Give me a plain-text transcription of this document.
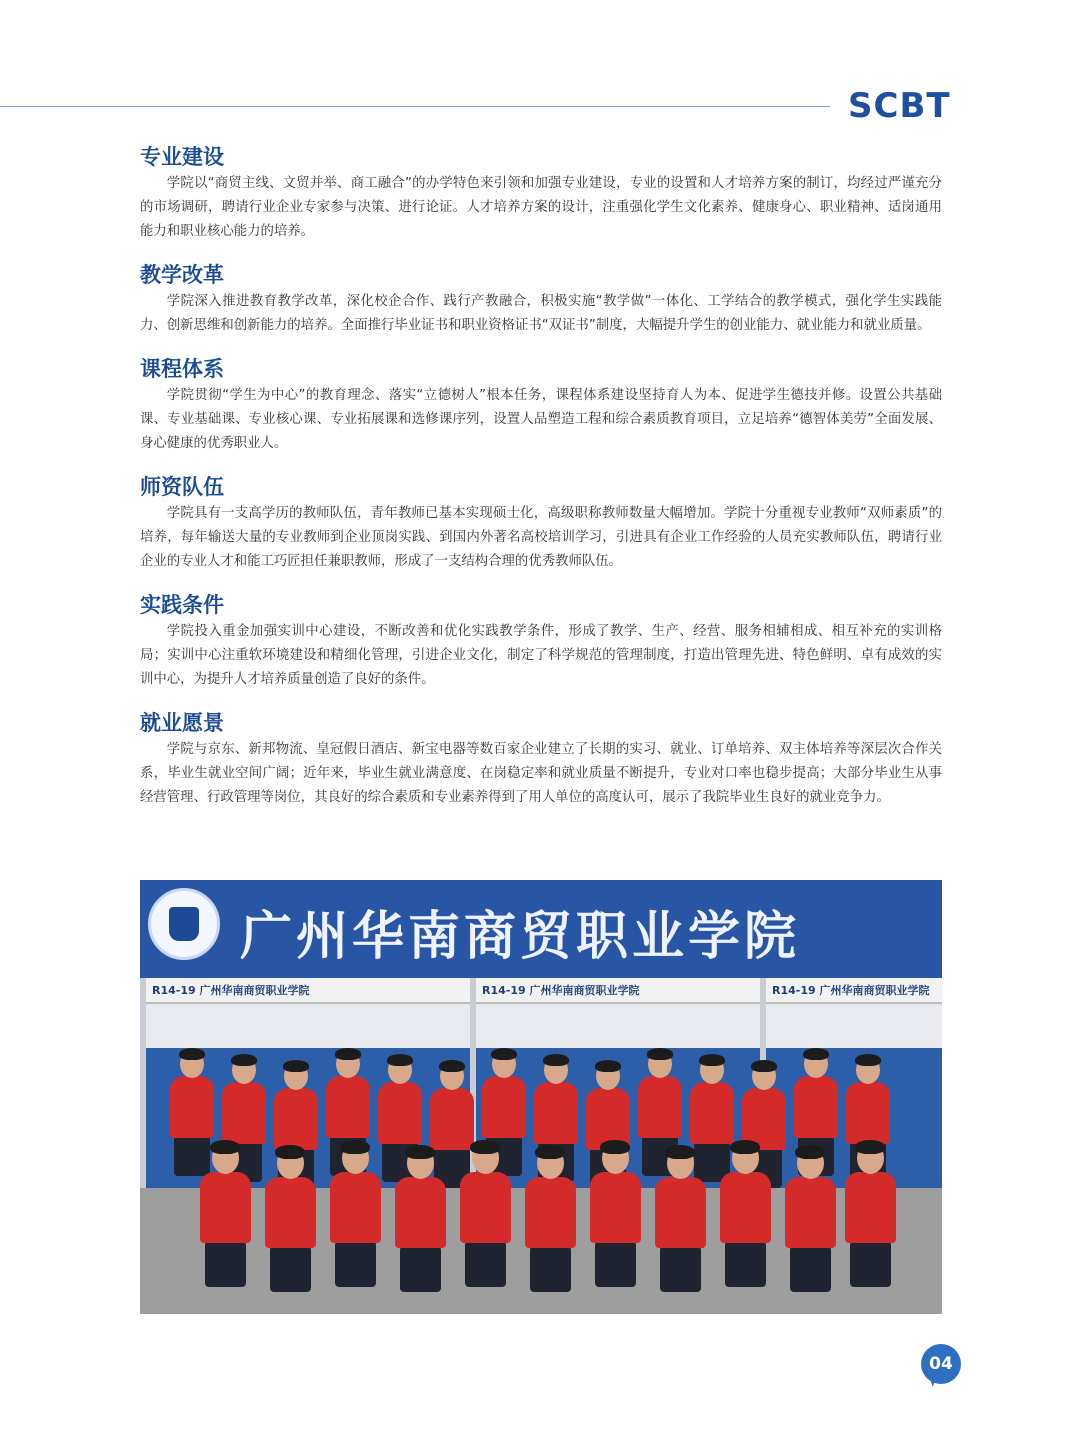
SCBT
专业建设

学院以“商贸主线、文贸并举、商工融合”的办学特色来引领和加强专业建设，专业的设置和人才培养方案的制订，均经过严谨充分的市场调研，聘请行业企业专家参与决策、进行论证。人才培养方案的设计，注重强化学生文化素养、健康身心、职业精神、适岗通用能力和职业核心能力的培养。

教学改革

学院深入推进教育教学改革，深化校企合作、践行产教融合，积极实施“教学做”一体化、工学结合的教学模式，强化学生实践能力、创新思维和创新能力的培养。全面推行毕业证书和职业资格证书“双证书”制度，大幅提升学生的创业能力、就业能力和就业质量。

课程体系

学院贯彻“学生为中心”的教育理念、落实“立德树人”根本任务，课程体系建设坚持育人为本、促进学生德技并修。设置公共基础课、专业基础课、专业核心课、专业拓展课和选修课序列，设置人品塑造工程和综合素质教育项目，立足培养“德智体美劳”全面发展、身心健康的优秀职业人。

师资队伍

学院具有一支高学历的教师队伍，青年教师已基本实现硕士化，高级职称教师数量大幅增加。学院十分重视专业教师“双师素质”的培养，每年输送大量的专业教师到企业顶岗实践、到国内外著名高校培训学习，引进具有企业工作经验的人员充实教师队伍，聘请行业企业的专业人才和能工巧匠担任兼职教师，形成了一支结构合理的优秀教师队伍。

实践条件

学院投入重金加强实训中心建设，不断改善和优化实践教学条件，形成了教学、生产、经营、服务相辅相成、相互补充的实训格局；实训中心注重软环境建设和精细化管理，引进企业文化，制定了科学规范的管理制度，打造出管理先进、特色鲜明、卓有成效的实训中心，为提升人才培养质量创造了良好的条件。

就业愿景

学院与京东、新邦物流、皇冠假日酒店、新宝电器等数百家企业建立了长期的实习、就业、订单培养、双主体培养等深层次合作关系，毕业生就业空间广阔；近年来，毕业生就业满意度、在岗稳定率和就业质量不断提升，专业对口率也稳步提高；大部分毕业生从事经营管理、行政管理等岗位，其良好的综合素质和专业素养得到了用人单位的高度认可，展示了我院毕业生良好的就业竞争力。

广州华南商贸职业学院
R14-19 广州华南商贸职业学院	R14-19 广州华南商贸职业学院	R14-19 广州华南商贸职业学院
04
